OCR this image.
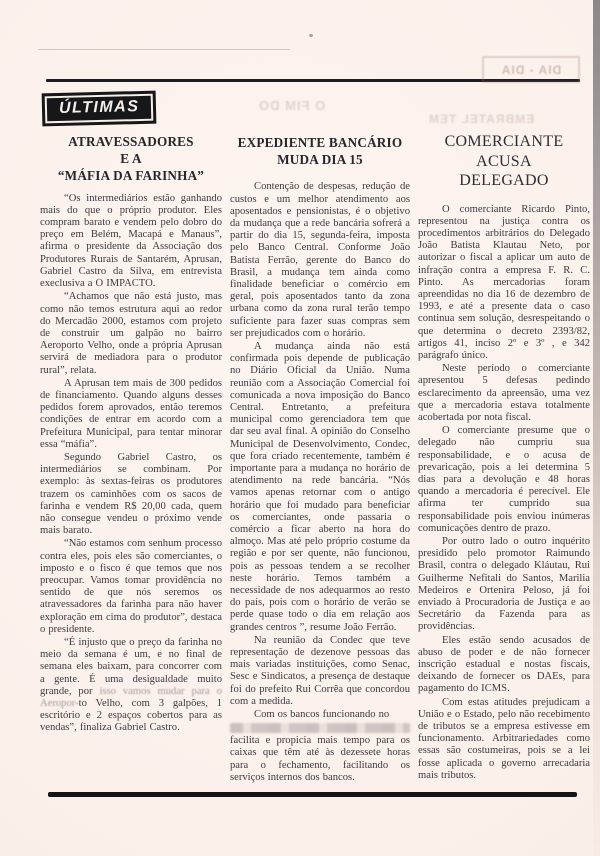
DIA - DIA
O FIM DO
EMBRATEL TEM
ÚLTIMAS
ATRAVESSADORES
E A
“MÁFIA DA FARINHA”

“Os intermediários estão ganhando mais do que o próprio produtor. Eles compram barato e vendem pelo dobro do preço em Belém, Macapá e Manaus”, afirma o presidente da Associação dos Produtores Rurais de Santarém, Aprusan, Gabriel Castro da Silva, em entrevista execlusiva a O IMPACTO.

“Achamos que não está justo, mas como não temos estrutura aqui ao redor do Mercadão 2000, estamos com projeto de construir um galpão no bairro Aeroporto Velho, onde a própria Aprusan servirá de mediadora para o produtor rural”, relata.

A Aprusan tem mais de 300 pedidos de financiamento. Quando alguns desses pedidos forem aprovados, então teremos condições de entrar em acordo com a Prefeitura Municipal, para tentar minorar essa “máfia”.

Segundo Gabriel Castro, os intermediários se combinam. Por exemplo: às sextas-feiras os produtores trazem os caminhões com os sacos de farinha e vendem R$ 20,00 cada, quem não consegue vendeu o próximo vende mais barato.

“Não estamos com senhum processo contra eles, pois eles são comerciantes, o imposto e o fisco é que temos que nos preocupar. Vamos tomar providência no sentido de que nós seremos os atravessadores da farinha para não haver exploração em cima do produtor”, destaca o presidente.

“É injusto que o preço da farinha no meio da semana é um, e no final de semana eles baixam, para concorrer com a gente. É uma desigualdade muito grande, por isso vamos mudar para o Aeropor-to Velho, com 3 galpões, 1 escritório e 2 espaços cobertos para as vendas”, finaliza Gabriel Castro.

EXPEDIENTE BANCÁRIO
MUDA DIA 15

Contenção de despesas, redução de custos e um melhor atendimento aos aposentados e pensionistas, é o objetivo da mudança que a rede bancária sofrerá a partir do dia 15, segunda-feira, imposta pelo Banco Central. Conforme João Batista Ferrão, gerente do Banco do Brasil, a mudança tem ainda como finalidade beneficiar o comércio em geral, pois aposentados tanto da zona urbana como da zona rural terão tempo suficiente para fazer suas compras sem ser prejudicados com o horário.

A mudança ainda não está confirmada pois depende de publicação no Diário Oficial da União. Numa reunião com a Associação Comercial foi comunicada a nova imposição do Banco Central. Entretanto, a prefeitura municipal como gerenciadora tem que dar seu aval final. A opinião do Conselho Municipal de Desenvolvimento, Condec, que fora criado recentemente, também é importante para a mudança no horário de atendimento na rede bancária. “Nós vamos apenas retornar com o antigo horário que foi mudado para beneficiar os comerciantes, onde passaria o comércio a ficar aberto na hora do almoço. Mas até pelo próprio costume da região e por ser quente, não funcionou, pois as pessoas tendem a se recolher neste horário. Temos também a necessidade de nos adequarmos ao resto do país, pois com o horário de verão se perde quase todo o dia em relação aos grandes centros ”, resume João Ferrão.

Na reunião da Condec que teve representação de dezenove pessoas das mais variadas instituições, como Senac, Sesc e Sindicatos, a presença de destaque foi do prefeito Rui Corrêa que concordou com a medida.

Com os bancos funcionando no

facilita e propicia mais tempo para os caixas que têm até às dezessete horas para o fechamento, facilitando os serviços internos dos bancos.

COMERCIANTE ACUSA
DELEGADO

O comerciante Ricardo Pinto, representou na justiça contra os procedimentos arbitrários do Delegado João Batista Klautau Neto, por autorizar o fiscal a aplicar um auto de infração contra a empresa F. R. C. Pinto. As mercadorias foram apreendidas no dia 16 de dezembro de 1993, e até a presente data o caso continua sem solução, desrespeitando o que determina o decreto 2393/82, artigos 41, inciso 2º e 3º , e 342 parágrafo único.

Neste período o comerciante apresentou 5 defesas pedindo esclarecimento da apreensão, uma vez que a mercadoria estava totalmente acobertada por nota fiscal.

O comerciante presume que o delegado não cumpriu sua responsabilidade, e o acusa de prevaricação, pois a lei determina 5 dias para a devolução e 48 horas quando a mercadoria é perecível. Ele afirma ter cumprido sua responsabilidade pois enviou inúmeras comunicações dentro de prazo.

Por outro lado o outro inquérito presidido pelo promotor Raimundo Brasil, contra o delegado Kláutau, Rui Guilherme Nefitali do Santos, Marilia Medeiros e Ortenira Peloso, já foi enviado à Procuradoria de Justiça e ao Secretário da Fazenda para as providências.

Eles estão sendo acusados de abuso de poder e de não fornecer inscrição estadual e nostas fiscais, deixando de fornecer os DAEs, para pagamento do ICMS.

Com estas atitudes prejudicam a União e o Estado, pelo não recebimento de tributos se a empresa estivesse em funcionamento. Arbitrariedades como essas são costumeiras, pois se a lei fosse aplicada o governo arrecadaria mais tributos.
